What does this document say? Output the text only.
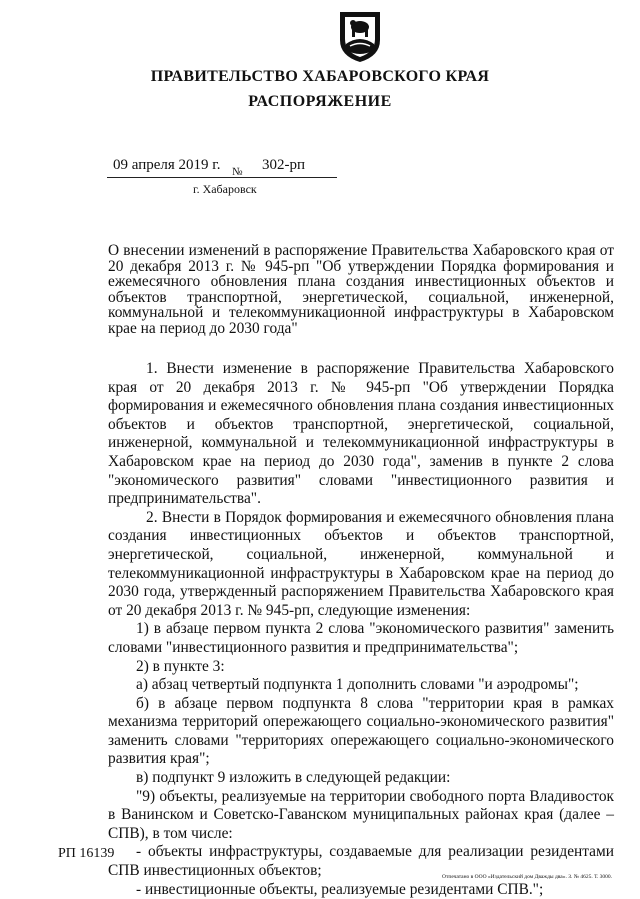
ПРАВИТЕЛЬСТВО ХАБАРОВСКОГО КРАЯ
РАСПОРЯЖЕНИЕ
09 апреля 2019 г. № 302-рп
г. Хабаровск
О внесении изменений в распоряжение Правительства Хабаровского края от 20 декабря 2013 г. № 945-рп "Об утверждении Порядка формирования и ежемесячного обновления плана создания инвестиционных объектов и объектов транспортной, энергетической, социальной, инженерной, коммунальной и телекоммуникационной инфраструктуры в Хабаровском крае на период до 2030 года"

1. Внести изменение в распоряжение Правительства Хабаровского края от 20 декабря 2013 г. № 945-рп "Об утверждении Порядка формирования и ежемесячного обновления плана создания инвестиционных объектов и объектов транспортной, энергетической, социальной, инженерной, коммунальной и телекоммуникационной инфраструктуры в Хабаровском крае на период до 2030 года", заменив в пункте 2 слова "экономического развития" словами "инвестиционного развития и предпринимательства".

2. Внести в Порядок формирования и ежемесячного обновления плана создания инвестиционных объектов и объектов транспортной, энергетической, социальной, инженерной, коммунальной и телекоммуникационной инфраструктуры в Хабаровском крае на период до 2030 года, утвержденный распоряжением Правительства Хабаровского края от 20 декабря 2013 г. № 945-рп, следующие изменения:

1) в абзаце первом пункта 2 слова "экономического развития" заменить словами "инвестиционного развития и предпринимательства";

2) в пункте 3:

а) абзац четвертый подпункта 1 дополнить словами "и аэродромы";

б) в абзаце первом подпункта 8 слова "территории края в рамках механизма территорий опережающего социально-экономического развития" заменить словами "территориях опережающего социально-экономического развития края";

в) подпункт 9 изложить в следующей редакции:

"9) объекты, реализуемые на территории свободного порта Владивосток в Ванинском и Советско-Гаванском муниципальных районах края (далее – СПВ), в том числе:

- объекты инфраструктуры, создаваемые для реализации резидентами СПВ инвестиционных объектов;

- инвестиционные объекты, реализуемые резидентами СПВ.";

РП 16139
Отпечатано в ООО «Издательский дом Дважды два». З. № 4625. Т. 3000.
